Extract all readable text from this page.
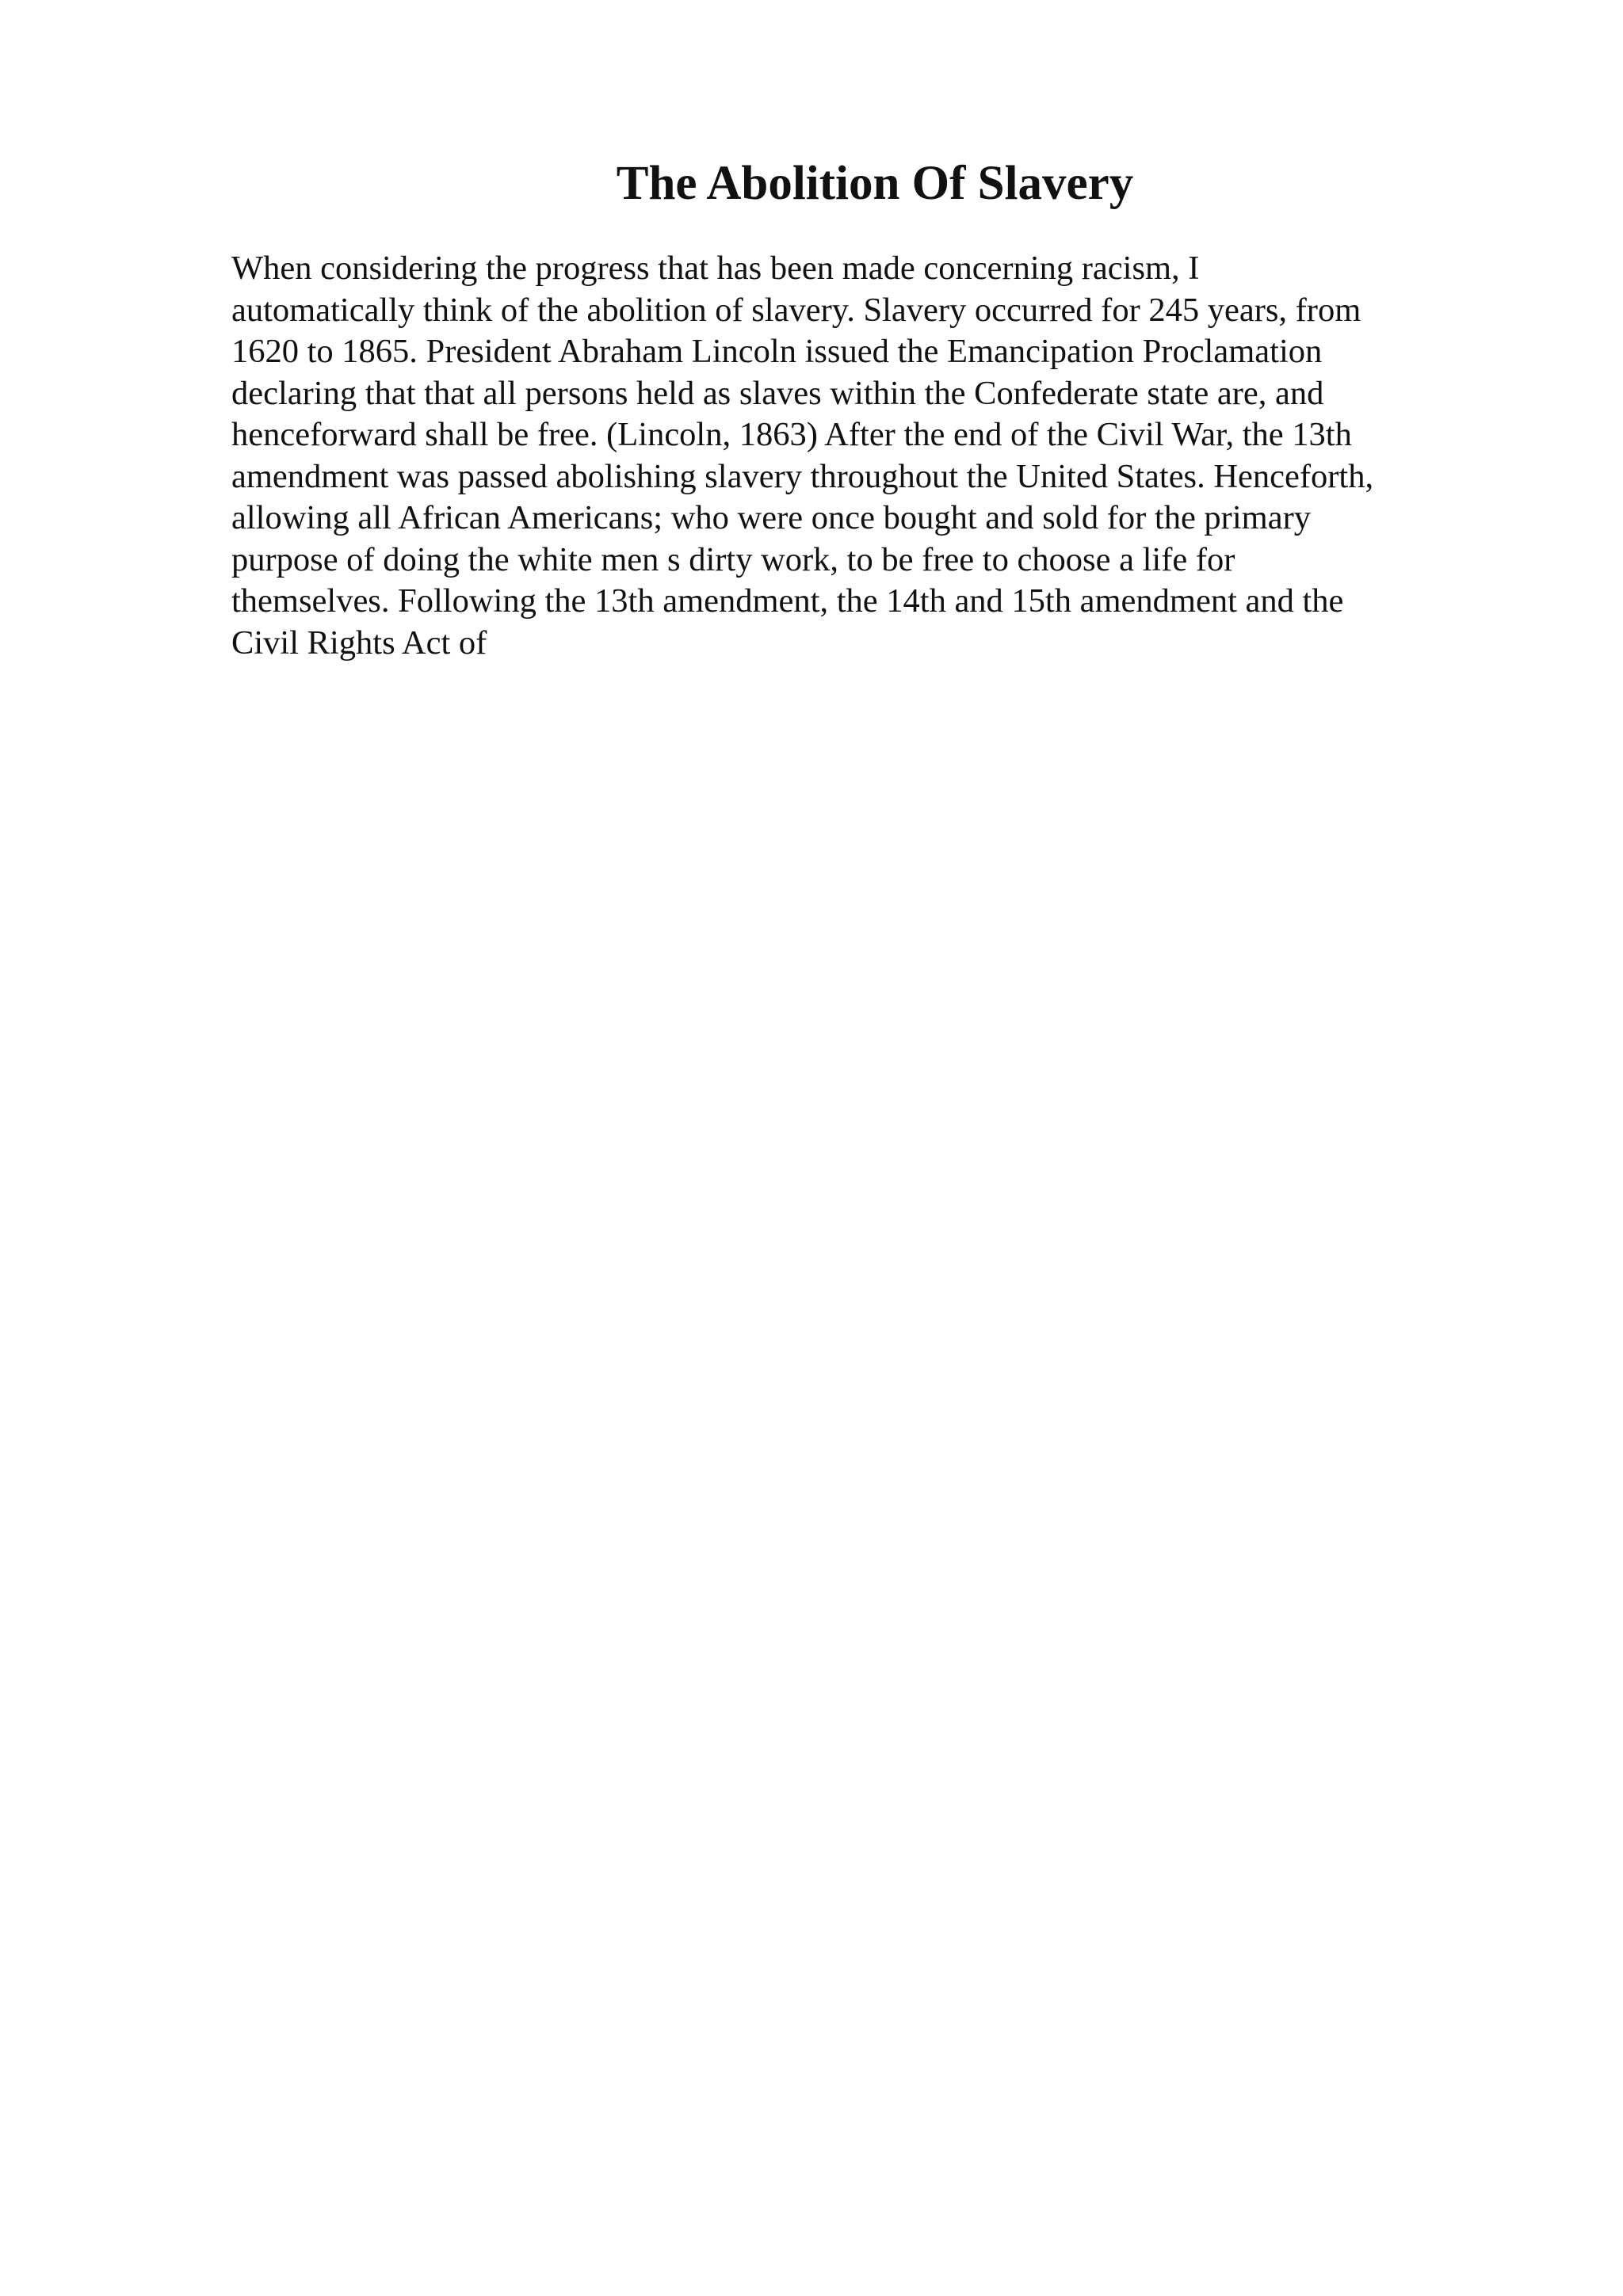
The Abolition Of Slavery
When considering the progress that has been made concerning racism, I
automatically think of the abolition of slavery. Slavery occurred for 245 years, from
1620 to 1865. President Abraham Lincoln issued the Emancipation Proclamation
declaring that that all persons held as slaves within the Confederate state are, and
henceforward shall be free. (Lincoln, 1863) After the end of the Civil War, the 13th
amendment was passed abolishing slavery throughout the United States. Henceforth,
allowing all African Americans; who were once bought and sold for the primary
purpose of doing the white men s dirty work, to be free to choose a life for
themselves. Following the 13th amendment, the 14th and 15th amendment and the
Civil Rights Act of
